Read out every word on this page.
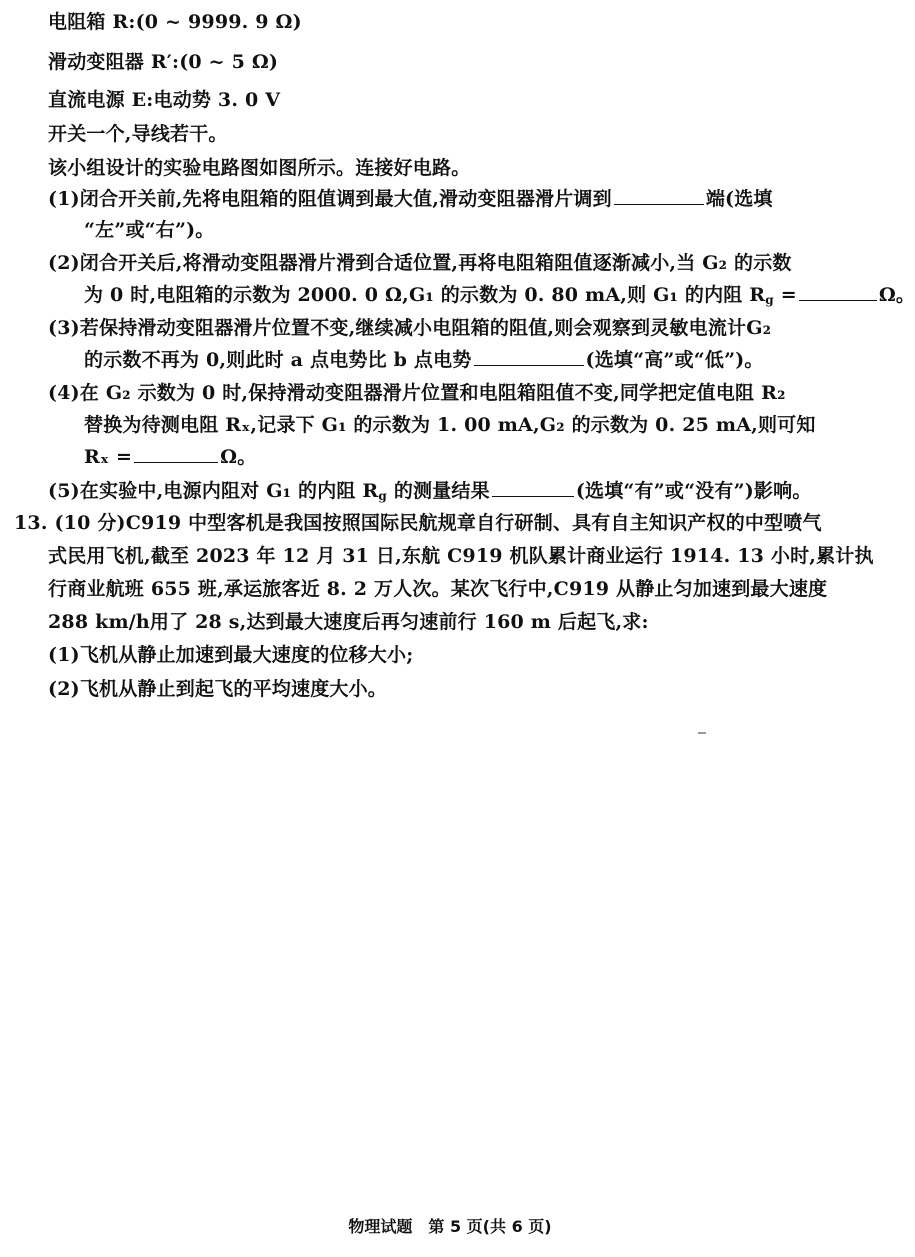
电阻箱 R:(0 ~ 9999. 9 Ω)
滑动变阻器 R′:(0 ~ 5 Ω)
直流电源 E:电动势 3. 0 V
开关一个,导线若干。
该小组设计的实验电路图如图所示。连接好电路。
(1)闭合开关前,先将电阻箱的阻值调到最大值,滑动变阻器滑片调到	端(选填
“左”或“右”)。
(2)闭合开关后,将滑动变阻器滑片滑到合适位置,再将电阻箱阻值逐渐减小,当 G₂ 的示数
为 0 时,电阻箱的示数为 2000. 0 Ω,G₁ 的示数为 0. 80 mA,则 G₁ 的内阻 $R_g$ =	Ω。
(3)若保持滑动变阻器滑片位置不变,继续减小电阻箱的阻值,则会观察到灵敏电流计G₂
的示数不再为 0,则此时 a 点电势比 b 点电势	(选填“高”或“低”)。
(4)在 G₂ 示数为 0 时,保持滑动变阻器滑片位置和电阻箱阻值不变,同学把定值电阻 R₂
替换为待测电阻 Rₓ,记录下 G₁ 的示数为 1. 00 mA,G₂ 的示数为 0. 25 mA,则可知
Rₓ =	Ω。
(5)在实验中,电源内阻对 G₁ 的内阻 $R_g$ 的测量结果	(选填“有”或“没有”)影响。
13. (10 分)C919 中型客机是我国按照国际民航规章自行研制、具有自主知识产权的中型喷气
式民用飞机,截至 2023 年 12 月 31 日,东航 C919 机队累计商业运行 1914. 13 小时,累计执
行商业航班 655 班,承运旅客近 8. 2 万人次。某次飞行中,C919 从静止匀加速到最大速度
288 km/h用了 28 s,达到最大速度后再匀速前行 160 m 后起飞,求:
(1)飞机从静止加速到最大速度的位移大小;
(2)飞机从静止到起飞的平均速度大小。
物理试题　第 5 页(共 6 页)
